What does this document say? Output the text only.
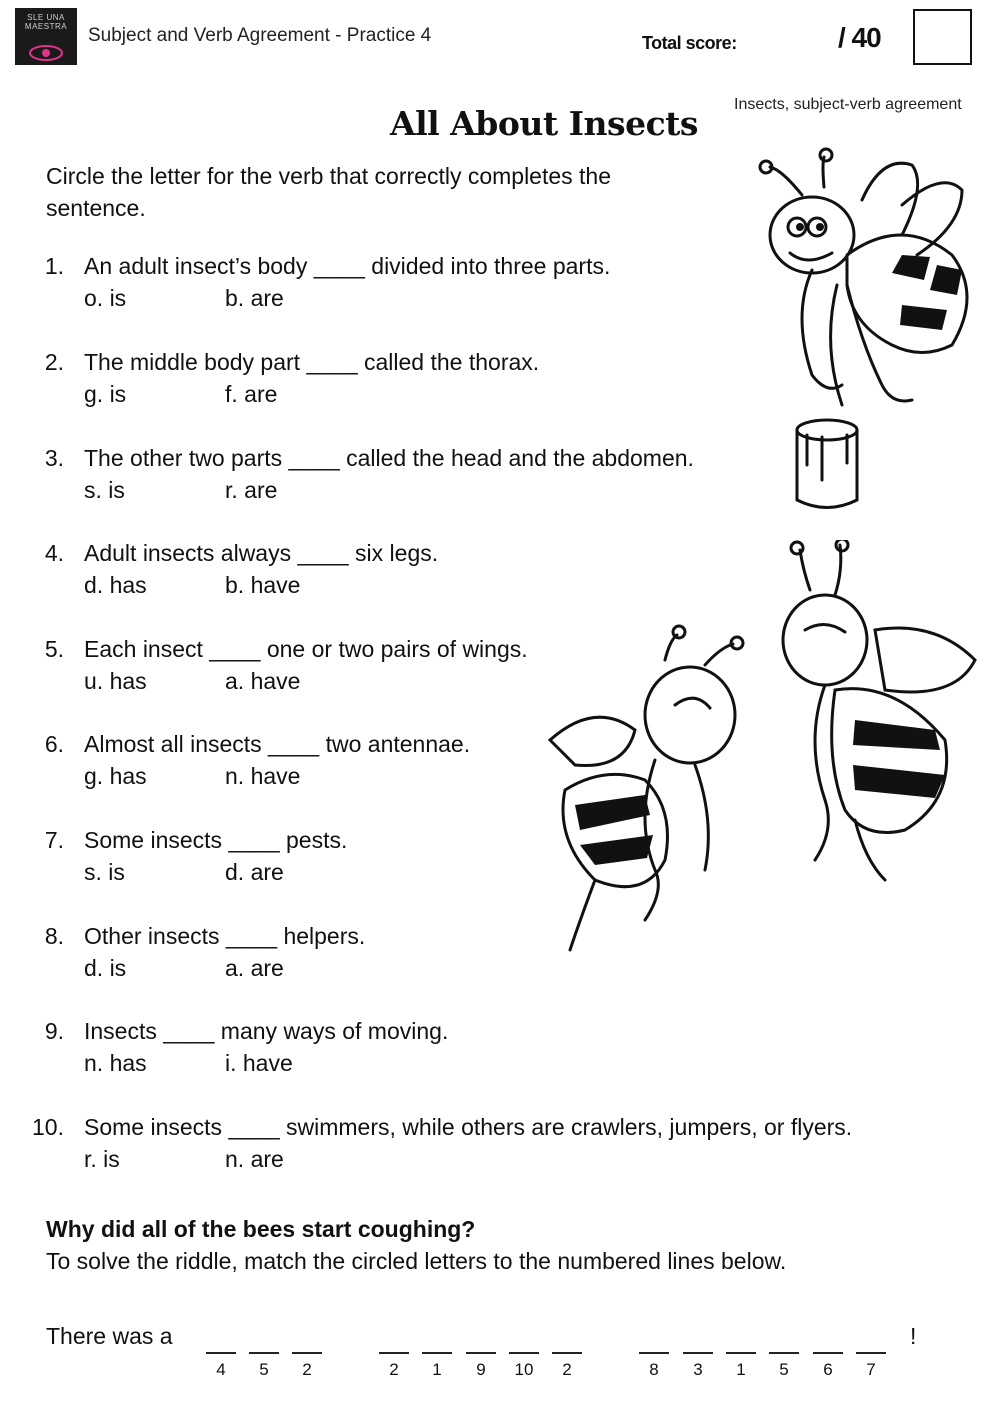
SLE UNA
MAESTRA	Subject and Verb Agreement - Practice 4	Total score:	/ 40
Insects, subject-verb agreement
All About Insects
Circle the letter for the verb that correctly completes the sentence.
1. An adult insect’s body ____ divided into three parts.
o. is	b. are
2. The middle body part ____ called the thorax.
g. is	f. are
3. The other two parts ____ called the head and the abdomen.
s. is	r. are
4. Adult insects always ____ six legs.
d. has	b. have
5. Each insect ____ one or two pairs of wings.
u. has	a. have
6. Almost all insects ____ two antennae.
g. has	n. have
7. Some insects ____ pests.
s. is	d. are
8. Other insects ____ helpers.
d. is	a. are
9. Insects ____ many ways of moving.
n. has	i. have
10. Some insects ____ swimmers, while others are crawlers, jumpers, or flyers.
r. is	n. are
Why did all of the bees start coughing?
To solve the riddle, match the circled letters to the numbered lines below.
There was a
4	5	2	2	1	9	10	2	8	3	1	5	6	7
!
